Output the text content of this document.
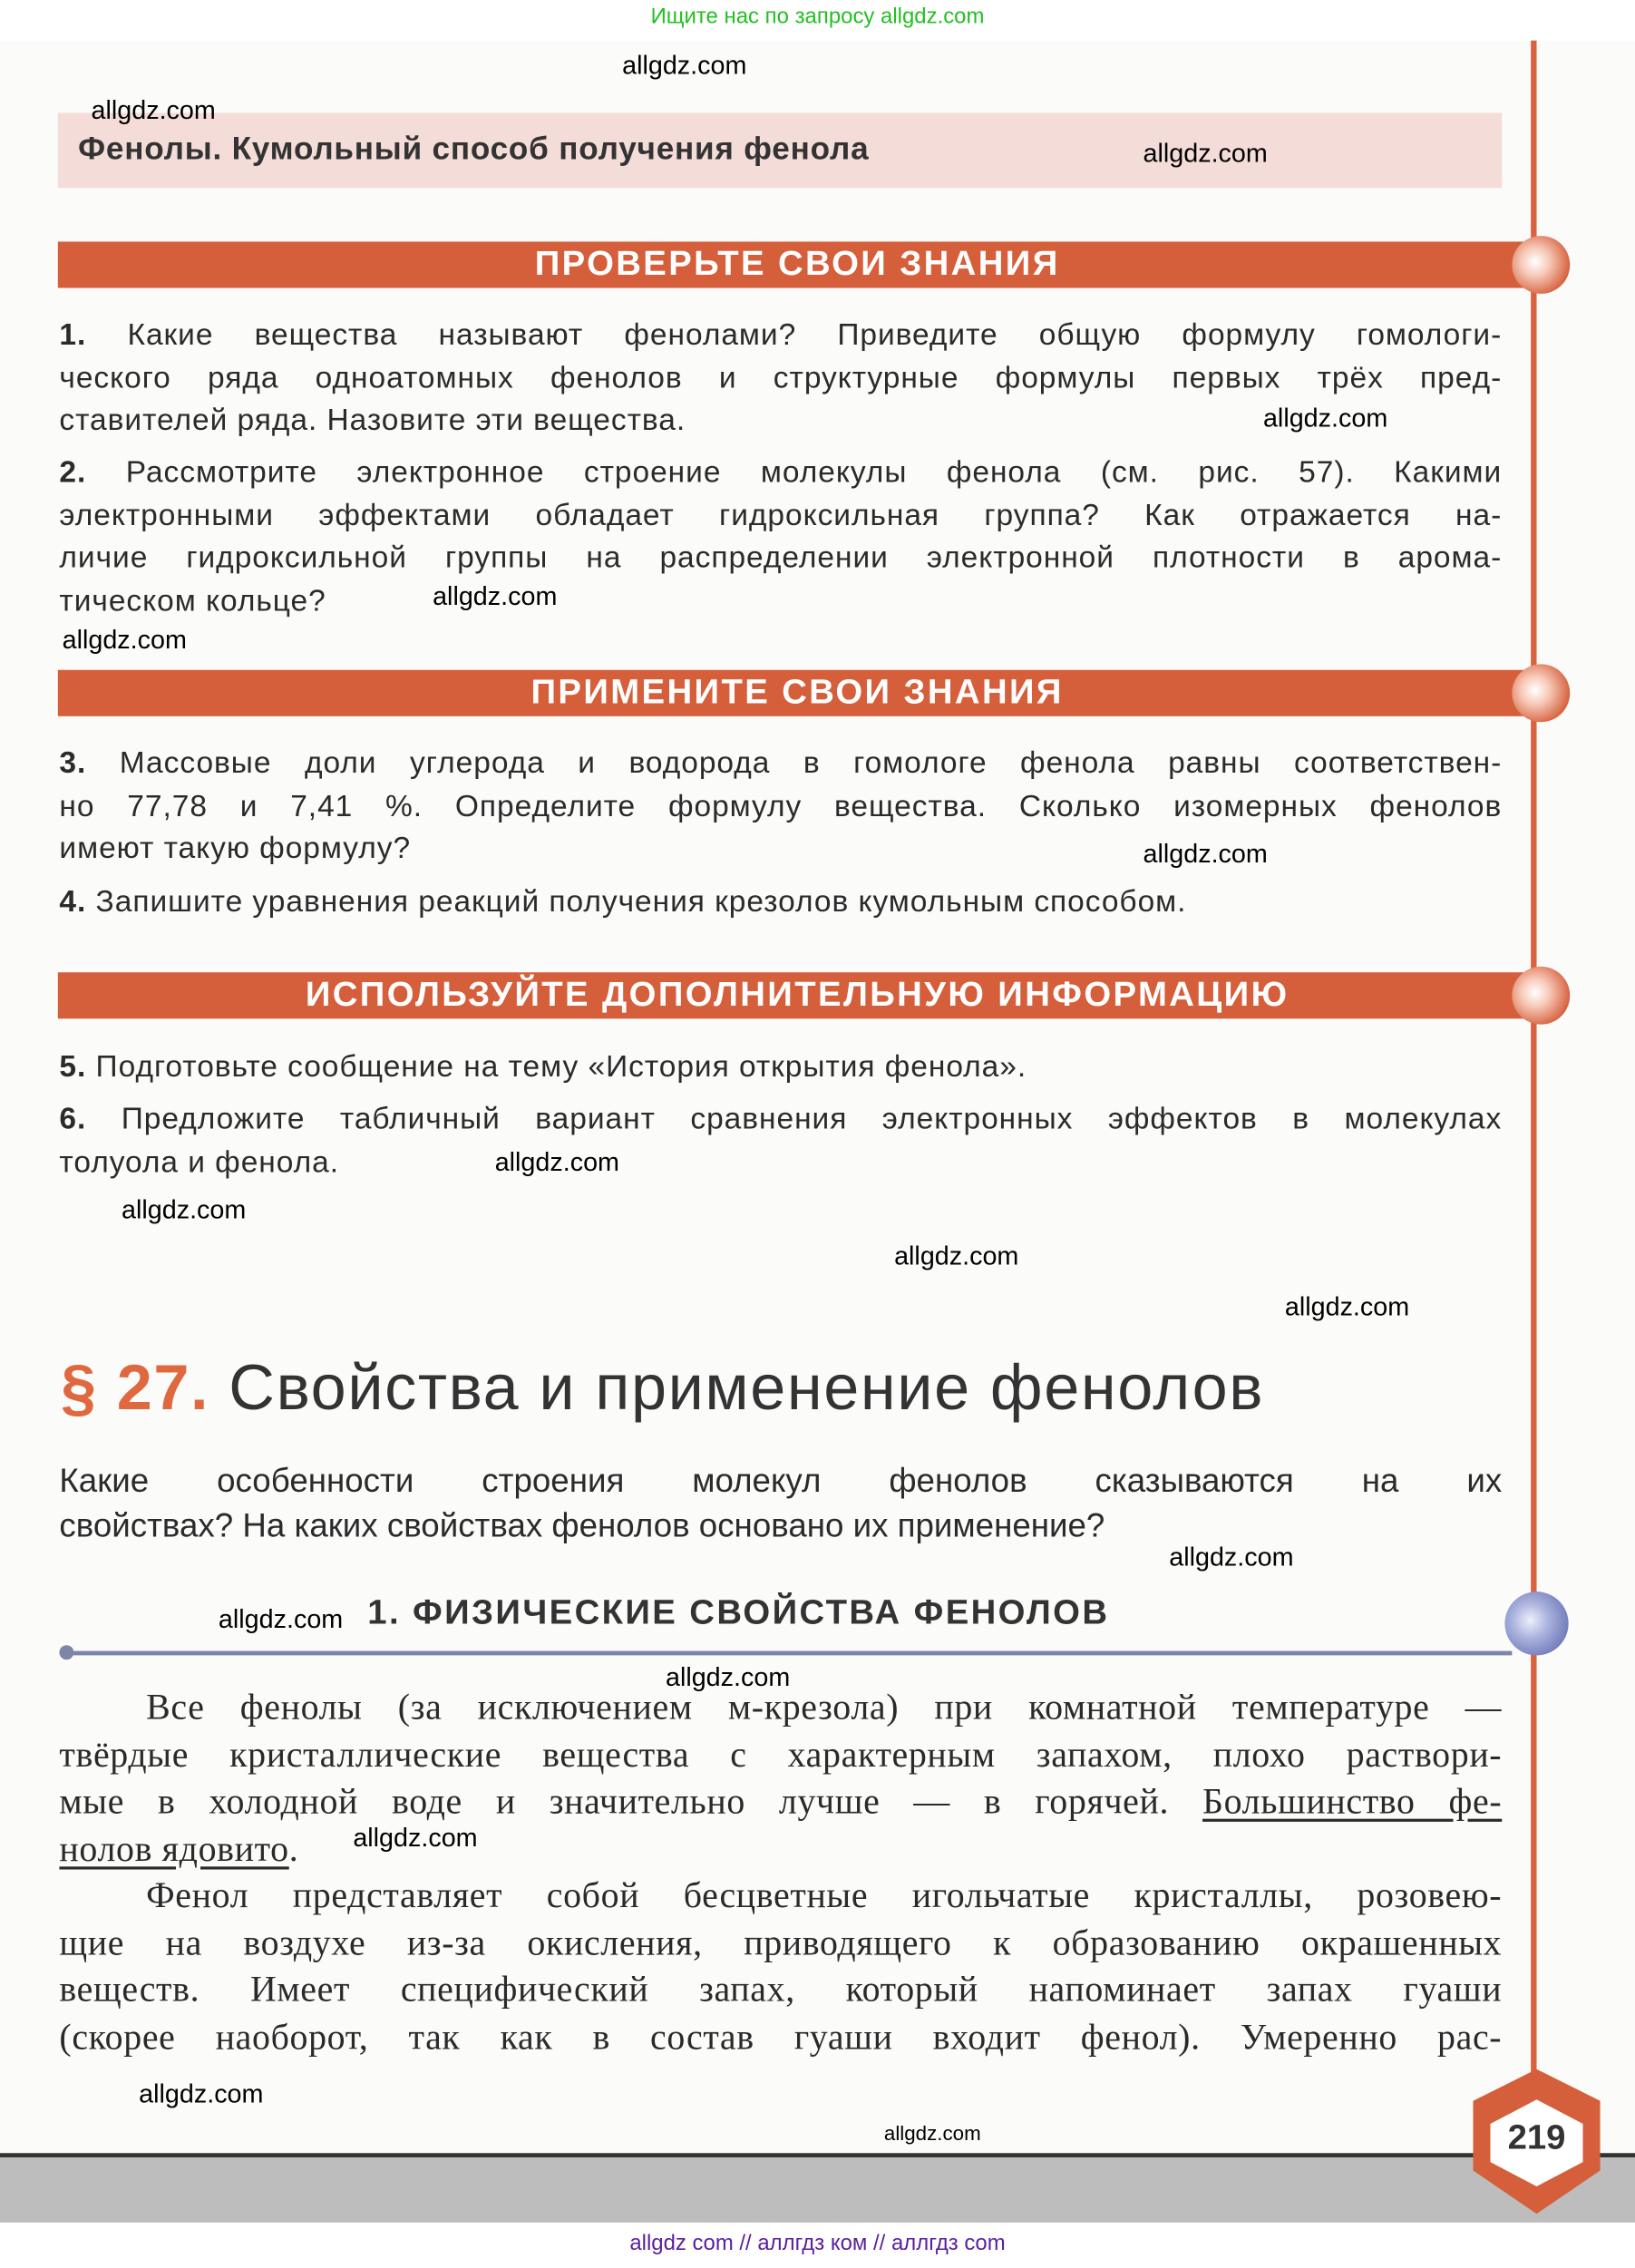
Ищите нас по запросу allgdz.com
Фенолы. Кумольный способ получения фенола
ПРОВЕРЬТЕ СВОИ ЗНАНИЯ
1. Какие вещества называют фенолами? Приведите общую формулу гомологи-
ческого ряда одноатомных фенолов и структурные формулы первых трёх пред-
ставителей ряда. Назовите эти вещества.
2. Рассмотрите электронное строение молекулы фенола (см. рис. 57). Какими
электронными эффектами обладает гидроксильная группа? Как отражается на-
личие гидроксильной группы на распределении электронной плотности в арома-
тическом кольце?
ПРИМЕНИТЕ СВОИ ЗНАНИЯ
3. Массовые доли углерода и водорода в гомологе фенола равны соответствен-
но 77,78 и 7,41 %. Определите формулу вещества. Сколько изомерных фенолов
имеют такую формулу?
4. Запишите уравнения реакций получения крезолов кумольным способом.
ИСПОЛЬЗУЙТЕ ДОПОЛНИТЕЛЬНУЮ ИНФОРМАЦИЮ
5. Подготовьте сообщение на тему «История открытия фенола».
6. Предложите табличный вариант сравнения электронных эффектов в молекулах
толуола и фенола.
§ 27. Свойства и применение фенолов
Какие особенности строения молекул фенолов сказываются на их
свойствах? На каких свойствах фенолов основано их применение?
1. ФИЗИЧЕСКИЕ СВОЙСТВА ФЕНОЛОВ
Все фенолы (за исключением м-крезола) при комнатной температуре —
твёрдые кристаллические вещества с характерным запахом, плохо раствори-
мые в холодной воде и значительно лучше — в горячей. Большинство фе-
нолов ядовито.
Фенол представляет собой бесцветные игольчатые кристаллы, розовею-
щие на воздухе из-за окисления, приводящего к образованию окрашенных
веществ. Имеет специфический запах, который напоминает запах гуаши
(скорее наоборот, так как в состав гуаши входит фенол). Умеренно рас-
219
allgdz com // аллгдз ком // аллгдз com
allgdz.com
allgdz.com
allgdz.com
allgdz.com
allgdz.com
allgdz.com
allgdz.com
allgdz.com
allgdz.com
allgdz.com
allgdz.com
allgdz.com
allgdz.com
allgdz.com
allgdz.com
allgdz.com
allgdz.com
